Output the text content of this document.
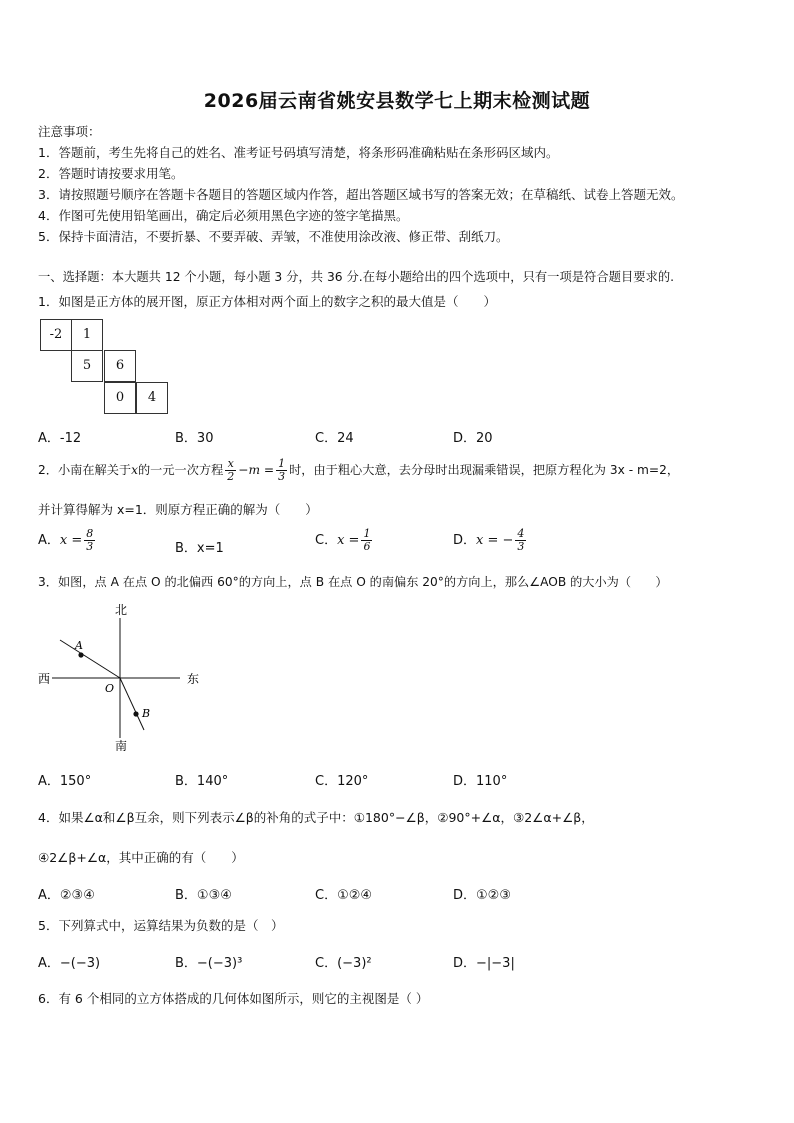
2026届云南省姚安县数学七上期末检测试题
注意事项：
1．答题前，考生先将自己的姓名、准考证号码填写清楚，将条形码准确粘贴在条形码区域内。
2．答题时请按要求用笔。
3．请按照题号顺序在答题卡各题目的答题区域内作答，超出答题区域书写的答案无效；在草稿纸、试卷上答题无效。
4．作图可先使用铅笔画出，确定后必须用黑色字迹的签字笔描黑。
5．保持卡面清洁，不要折暴、不要弄破、弄皱，不准使用涂改液、修正带、刮纸刀。
一、选择题：本大题共 12 个小题，每小题 3 分，共 36 分.在每小题给出的四个选项中，只有一项是符合题目要求的.
1．如图是正方体的展开图，原正方体相对两个面上的数字之积的最大值是（　　）
-2	1
5	6
0	4
A．-12	B．30	C．24	D．20
2．小南在解关于x的一元一次方程 $\frac{x}{2} -m = \frac{1}{3}$ 时，由于粗心大意，去分母时出现漏乘错误，把原方程化为 3x - m=2，
并计算得解为 x=1．则原方程正确的解为（　　）
A．$x = \frac{8}{3}$	B．x=1
C．$x = \frac{1}{6}$	D．x = − $\frac{4}{3}$
3．如图，点 A 在点 O 的北偏西 60°的方向上，点 B 在点 O 的南偏东 20°的方向上，那么∠AOB 的大小为（　　）
北
南
西	东
A
B
O
A．150°	B．140°	C．120°	D．110°
4．如果∠α和∠β互余，则下列表示∠β的补角的式子中：①180°−∠β，②90°+∠α，③2∠α+∠β，
④2∠β+∠α，其中正确的有（　　）
A．②③④	B．①③④	C．①②④	D．①②③
5．下列算式中，运算结果为负数的是（　）
A．−(−3)	B．−(−3)³	C．(−3)²	D．−|−3|
6．有 6 个相同的立方体搭成的几何体如图所示，则它的主视图是（ ）
